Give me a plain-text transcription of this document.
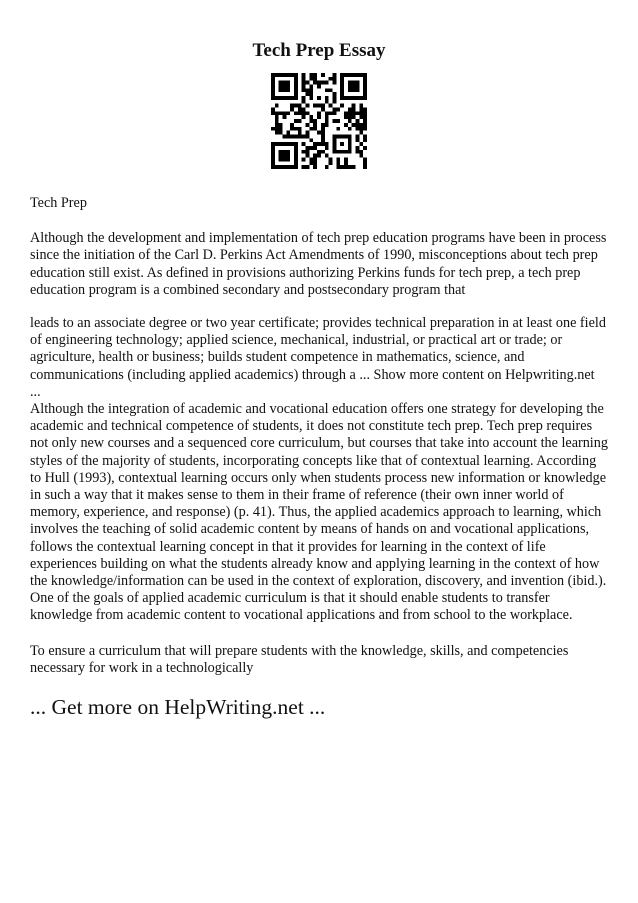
Tech Prep Essay

Tech Prep

Although the development and implementation of tech prep education programs have been in process since the initiation of the Carl D. Perkins Act Amendments of 1990, misconceptions about tech prep education still exist. As defined in provisions authorizing Perkins funds for tech prep, a tech prep education program is a combined secondary and postsecondary program that

leads to an associate degree or two year certificate; provides technical preparation in at least one field of engineering technology; applied science, mechanical, industrial, or practical art or trade; or agriculture, health or business; builds student competence in mathematics, science, and communications (including applied academics) through a ... Show more content on Helpwriting.net

...

Although the integration of academic and vocational education offers one strategy for developing the academic and technical competence of students, it does not constitute tech prep. Tech prep requires not only new courses and a sequenced core curriculum, but courses that take into account the learning styles of the majority of students, incorporating concepts like that of contextual learning. According to Hull (1993), contextual learning occurs only when students process new information or knowledge in such a way that it makes sense to them in their frame of reference (their own inner world of memory, experience, and response) (p. 41). Thus, the applied academics approach to learning, which involves the teaching of solid academic content by means of hands on and vocational applications, follows the contextual learning concept in that it provides for learning in the context of life experiences building on what the students already know and applying learning in the context of how the knowledge/information can be used in the context of exploration, discovery, and invention (ibid.). One of the goals of applied academic curriculum is that it should enable students to transfer knowledge from academic content to vocational applications and from school to the workplace.

To ensure a curriculum that will prepare students with the knowledge, skills, and competencies necessary for work in a technologically

... Get more on HelpWriting.net ...
